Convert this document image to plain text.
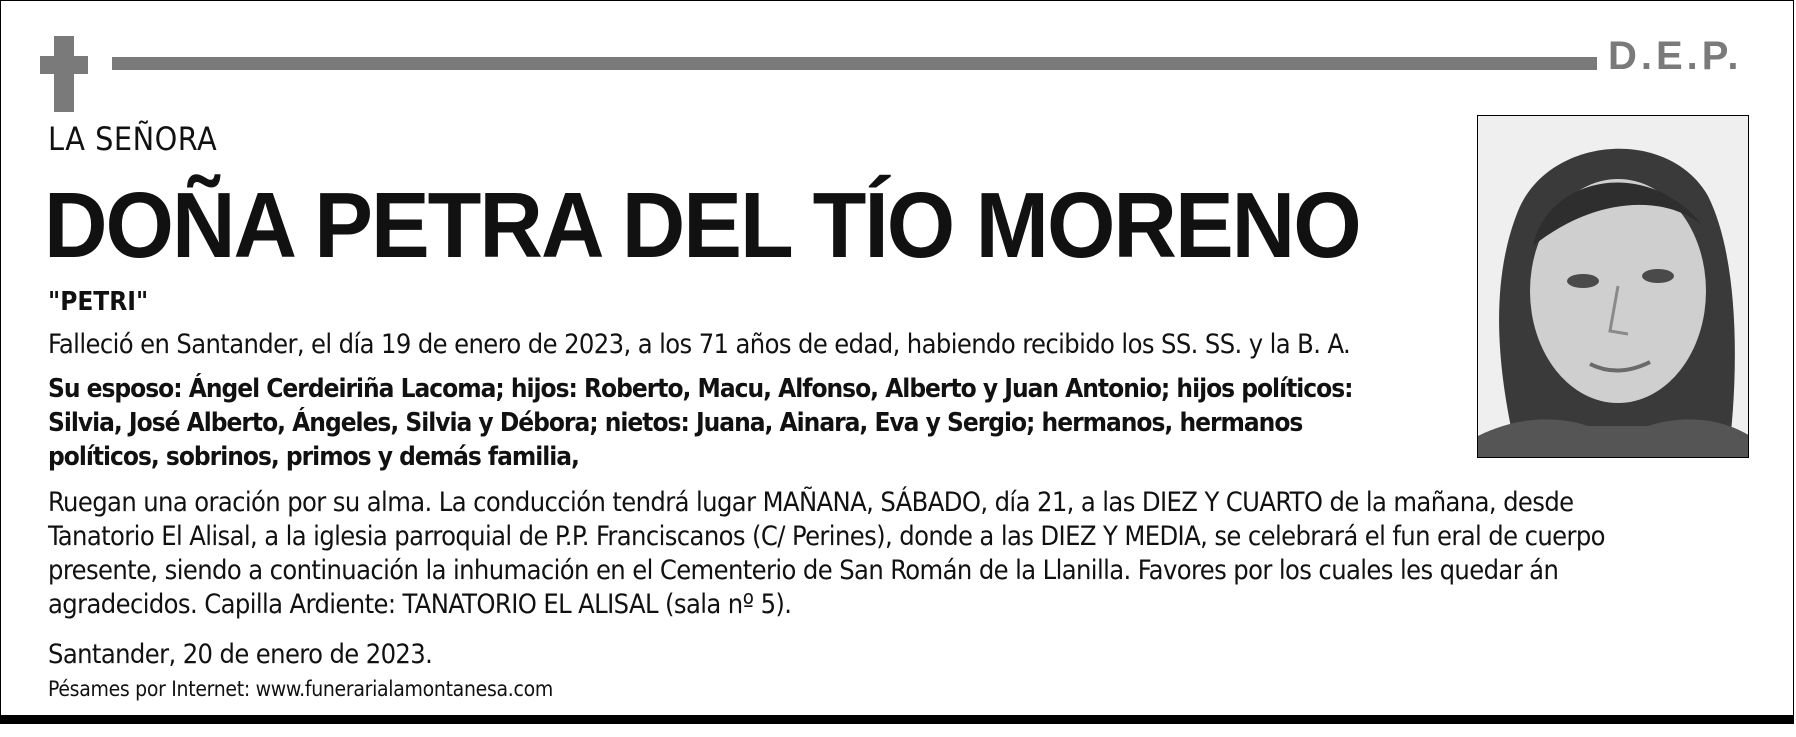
D.E.P.
LA SEÑORA
DOÑA PETRA DEL TÍO MORENO
"PETRI"
Falleció en Santander, el día 19 de enero de 2023, a los 71 años de edad, habiendo recibido los SS. SS. y la B. A.
Su esposo: Ángel Cerdeiriña Lacoma; hijos: Roberto, Macu, Alfonso, Alberto y Juan Antonio; hijos políticos:
Silvia, José Alberto, Ángeles, Silvia y Débora; nietos: Juana, Ainara, Eva y Sergio; hermanos, hermanos
políticos, sobrinos, primos y demás familia,
Ruegan una oración por su alma. La conducción tendrá lugar MAÑANA, SÁBADO, día 21, a las DIEZ Y CUARTO de la mañana, desde
Tanatorio El Alisal, a la iglesia parroquial de P.P. Franciscanos (C/ Perines), donde a las DIEZ Y MEDIA, se celebrará el fun eral de cuerpo
presente, siendo a continuación la inhumación en el Cementerio de San Román de la Llanilla. Favores por los cuales les quedar án
agradecidos. Capilla Ardiente: TANATORIO EL ALISAL (sala nº 5).
Santander, 20 de enero de 2023.
Pésames por Internet: www.funerarialamontanesa.com
